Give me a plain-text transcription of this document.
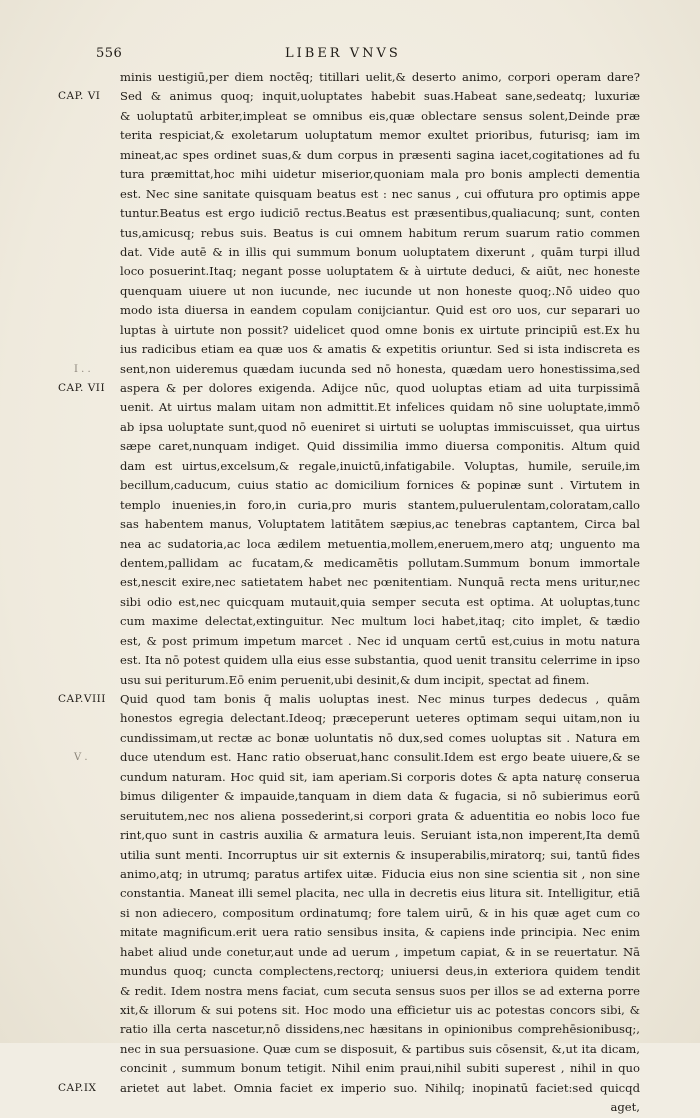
556	LIBER VNVS
minis uestigiū,per diem noctēq; titillari uelit,& deserto animo, corpori operam dare?
CAP. VI Sed & animus quoq; inquit,uoluptates habebit suas.Habeat sane,sedeatq; luxuriæ
& uoluptatū arbiter,impleat se omnibus eis,quæ oblectare sensus solent,Deinde præ
terita respiciat,& exoletarum uoluptatum memor exultet prioribus, futurisq; iam im
mineat,ac spes ordinet suas,& dum corpus in præsenti sagina iacet,cogitationes ad fu
tura præmittat,hoc mihi uidetur miserior,quoniam mala pro bonis amplecti dementia
est. Nec sine sanitate quisquam beatus est : nec sanus , cui offutura pro optimis appe
tuntur.Beatus est ergo iudiciō rectus.Beatus est præsentibus,qualiacunq; sunt, conten
tus,amicusq; rebus suis. Beatus is cui omnem habitum rerum suarum ratio commen
dat. Vide autē & in illis qui summum bonum uoluptatem dixerunt , quām turpi illud
loco posuerint.Itaq; negant posse uoluptatem & à uirtute deduci, & aiūt, nec honeste
quenquam uiuere ut non iucunde, nec iucunde ut non honeste quoq;.Nō uideo quo
modo ista diuersa in eandem copulam conijciantur. Quid est oro uos, cur separari uo
luptas à uirtute non possit? uidelicet quod omne bonis ex uirtute principiū est.Ex hu
ius radicibus etiam ea quæ uos & amatis & expetitis oriuntur. Sed si ista indiscreta es
I . .	sent,non uideremus quædam iucunda sed nō honesta, quædam uero honestissima,sed
CAP. VII aspera & per dolores exigenda. Adijce nūc, quod uoluptas etiam ad uita turpissimā
uenit. At uirtus malam uitam non admittit.Et infelices quidam nō sine uoluptate,immō
ab ipsa uoluptate sunt,quod nō eueniret si uirtuti se uoluptas immiscuisset, qua uirtus
sæpe caret,nunquam indiget. Quid dissimilia immo diuersa componitis. Altum quid
dam est uirtus,excelsum,& regale,inuictū,infatigabile. Voluptas, humile, seruile,im
becillum,caducum, cuius statio ac domicilium fornices & popinæ sunt . Virtutem in
templo inuenies,in foro,in curia,pro muris stantem,puluerulentam,coloratam,callo
sas habentem manus, Voluptatem latitātem sæpius,ac tenebras captantem, Circa bal
nea ac sudatoria,ac loca ædilem metuentia,mollem,eneruem,mero atq; unguento ma
dentem,pallidam ac fucatam,& medicamētis pollutam.Summum bonum immortale
est,nescit exire,nec satietatem habet nec pœnitentiam. Nunquā recta mens uritur,nec
sibi odio est,nec quicquam mutauit,quia semper secuta est optima. At uoluptas,tunc
cum maxime delectat,extinguitur. Nec multum loci habet,itaq; cito implet, & tædio
est, & post primum impetum marcet . Nec id unquam certū est,cuius in motu natura
est. Ita nō potest quidem ulla eius esse substantia, quod uenit transitu celerrime in ipso
usu sui periturum.Eō enim peruenit,ubi desinit,& dum incipit, spectat ad finem.
CAP.VIII Quid quod tam bonis q̄ malis uoluptas inest. Nec minus turpes dedecus , quām
honestos egregia delectant.Ideoq; præceperunt ueteres optimam sequi uitam,non iu
cundissimam,ut rectæ ac bonæ uoluntatis nō dux,sed comes uoluptas sit . Natura em
V .	duce utendum est. Hanc ratio obseruat,hanc consulit.Idem est ergo beate uiuere,& se
cundum naturam. Hoc quid sit, iam aperiam.Si corporis dotes & apta naturę conserua
bimus diligenter & impauide,tanquam in diem data & fugacia, si nō subierimus eorū
seruitutem,nec nos aliena possederint,si corpori grata & aduentitia eo nobis loco fue
rint,quo sunt in castris auxilia & armatura leuis. Seruiant ista,non imperent,Ita demū
utilia sunt menti. Incorruptus uir sit externis & insuperabilis,miratorq; sui, tantū fides
animo,atq; in utrumq; paratus artifex uitæ. Fiducia eius non sine scientia sit , non sine
constantia. Maneat illi semel placita, nec ulla in decretis eius litura sit. Intelligitur, etiā
si non adiecero, compositum ordinatumq; fore talem uirū, & in his quæ aget cum co
mitate magnificum.erit uera ratio sensibus insita, & capiens inde principia. Nec enim
habet aliud unde conetur,aut unde ad uerum , impetum capiat, & in se reuertatur. Nā
mundus quoq; cuncta complectens,rectorq; uniuersi deus,in exteriora quidem tendit
& redit. Idem nostra mens faciat, cum secuta sensus suos per illos se ad externa porre
xit,& illorum & sui potens sit. Hoc modo una efficietur uis ac potestas concors sibi, &
ratio illa certa nascetur,nō dissidens,nec hæsitans in opinionibus comprehēsionibusq;,
nec in sua persuasione. Quæ cum se disposuit, & partibus suis cōsensit, &,ut ita dicam,
concinit , summum bonum tetigit. Nihil enim praui,nihil subiti superest , nihil in quo
CAP.IX arietet aut labet. Omnia faciet ex imperio suo. Nihilq; inopinatū faciet:sed quicqd
aget,
